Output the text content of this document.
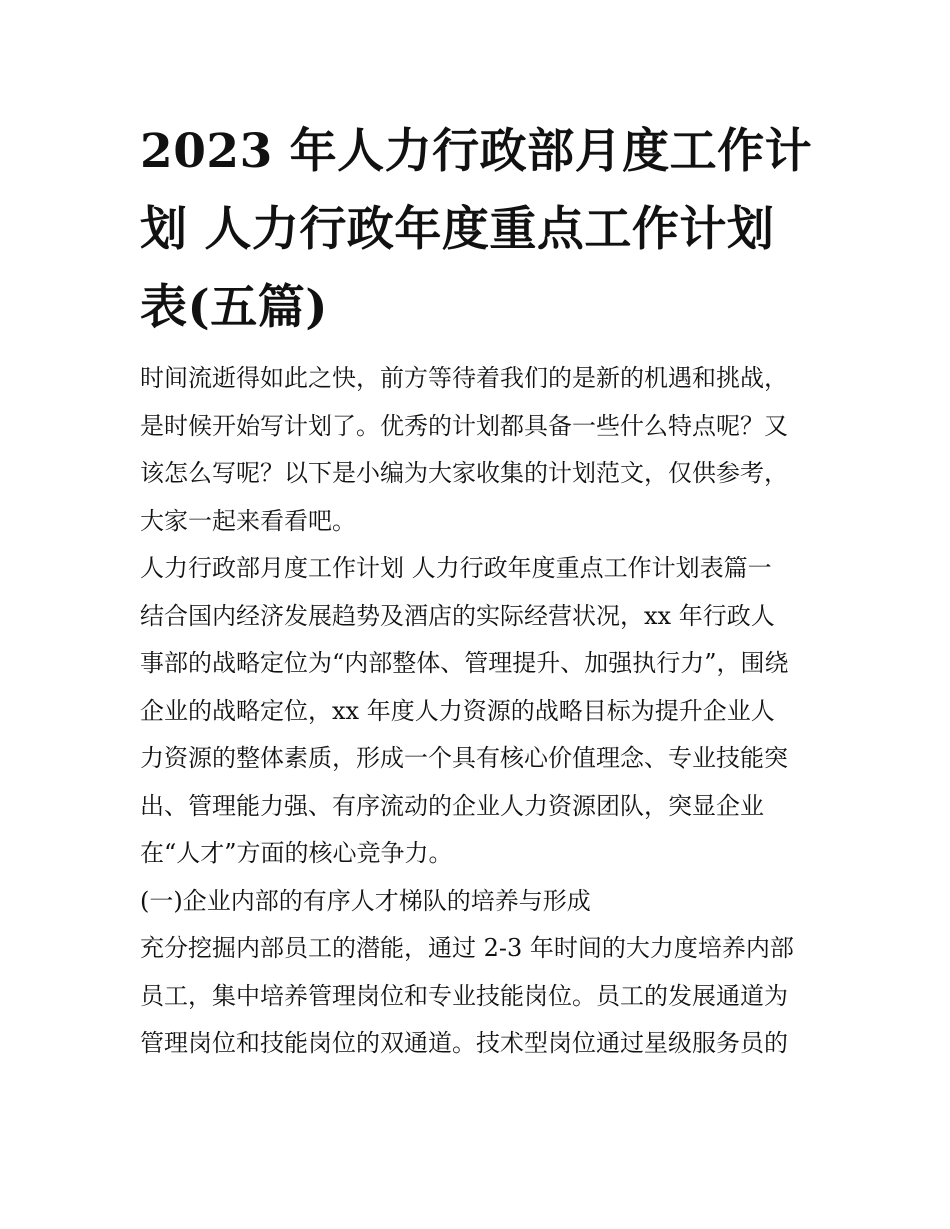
2023 年人力行政部月度工作计
划 人力行政年度重点工作计划
表(五篇)
时间流逝得如此之快，前方等待着我们的是新的机遇和挑战，
是时候开始写计划了。优秀的计划都具备一些什么特点呢？又
该怎么写呢？以下是小编为大家收集的计划范文，仅供参考，
大家一起来看看吧。
人力行政部月度工作计划 人力行政年度重点工作计划表篇一
结合国内经济发展趋势及酒店的实际经营状况，xx 年行政人
事部的战略定位为“内部整体、管理提升、加强执行力”，围绕
企业的战略定位，xx 年度人力资源的战略目标为提升企业人
力资源的整体素质，形成一个具有核心价值理念、专业技能突
出、管理能力强、有序流动的企业人力资源团队，突显企业
在“人才”方面的核心竞争力。
(一)企业内部的有序人才梯队的培养与形成
充分挖掘内部员工的潜能，通过 2-3 年时间的大力度培养内部
员工，集中培养管理岗位和专业技能岗位。员工的发展通道为
管理岗位和技能岗位的双通道。技术型岗位通过星级服务员的
